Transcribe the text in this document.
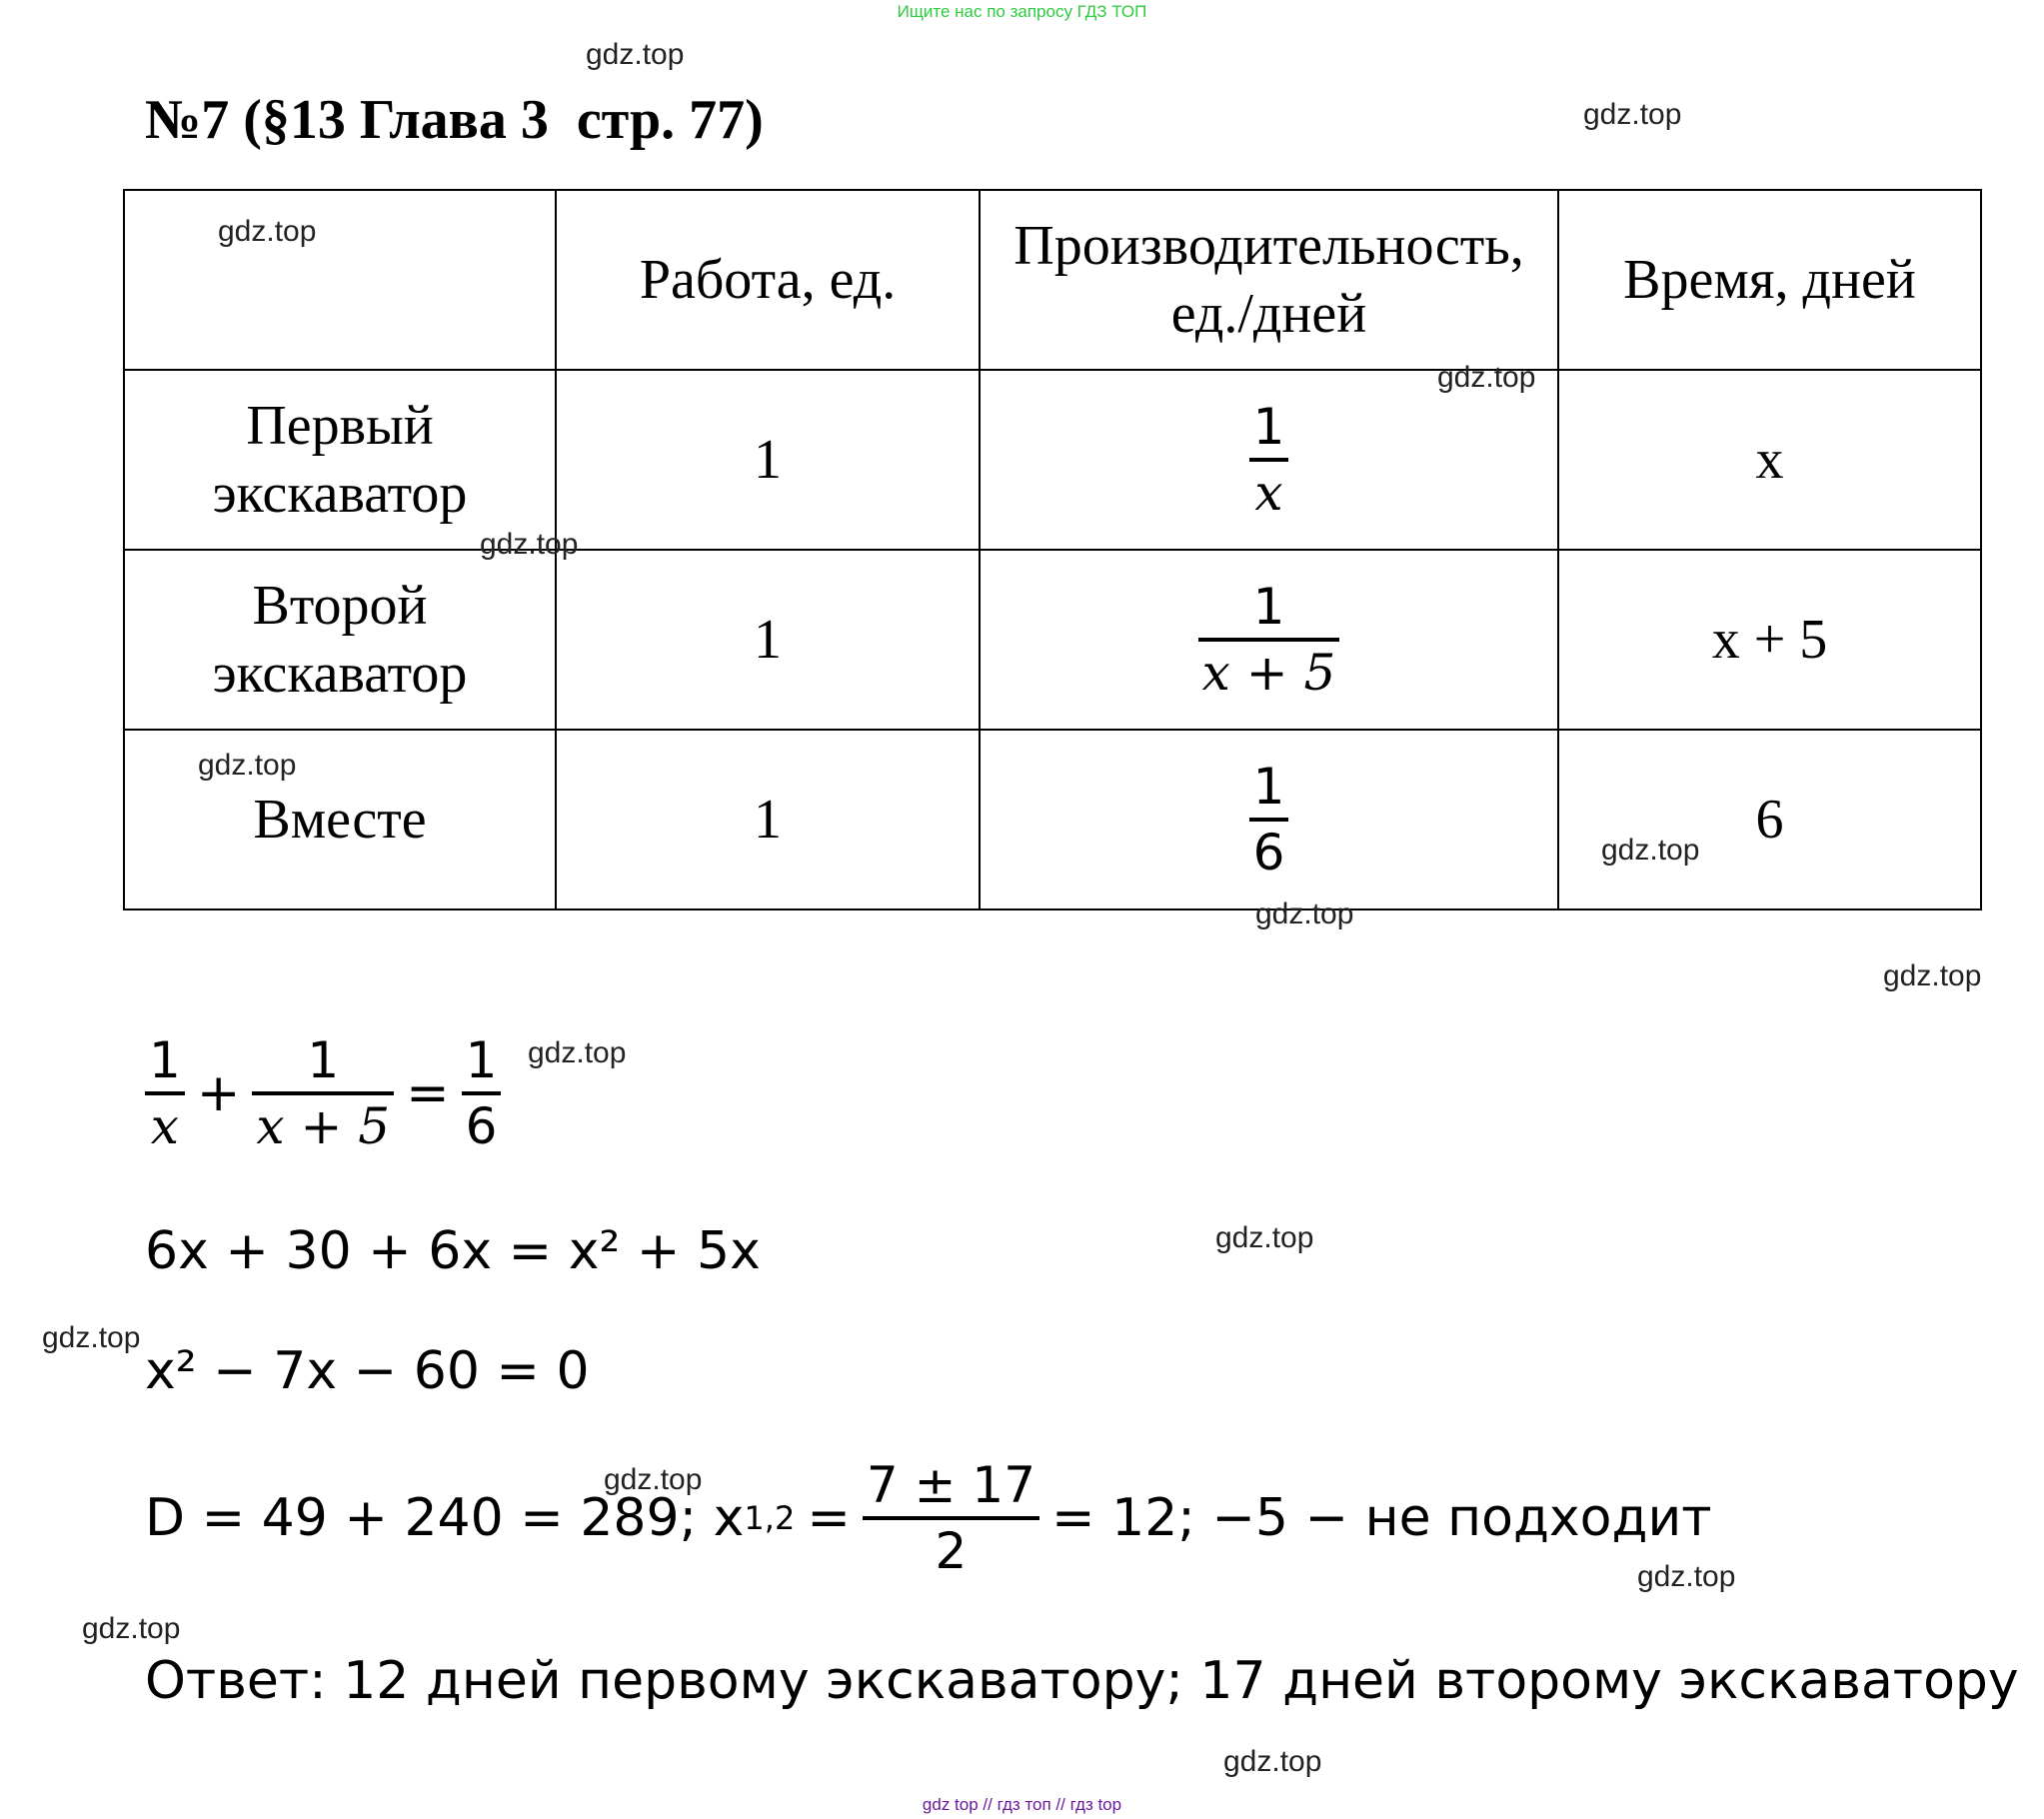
Ищите нас по запросу ГДЗ ТОП
№7 (§13 Глава 3  стр. 77)
	Работа, ед.	Производительность, ед./дней	Время, дней
Первый
экскаватор	1	$\frac{1}{x}$	x
Второй
экскаватор	1	$\frac{1}{x + 5}$	x + 5
Вместе	1	$\frac{1}{6}$	6
$\frac{1}{x} + \frac{1}{x + 5} = \frac{1}{6}$
6x + 30 + 6x = x² + 5x
x² − 7x − 60 = 0
D = 49 + 240 = 289; x $1,2 = \frac{7 \pm 17}{2} = 12$; −5 − не подходит
Ответ: 12 дней первому экскаватору; 17 дней второму экскаватору
gdz.top
gdz.top
gdz.top
gdz.top
gdz.top
gdz.top
gdz.top
gdz.top
gdz.top
gdz.top
gdz.top
gdz.top
gdz.top
gdz.top
gdz.top
gdz.top
gdz top // гдз топ // гдз top
